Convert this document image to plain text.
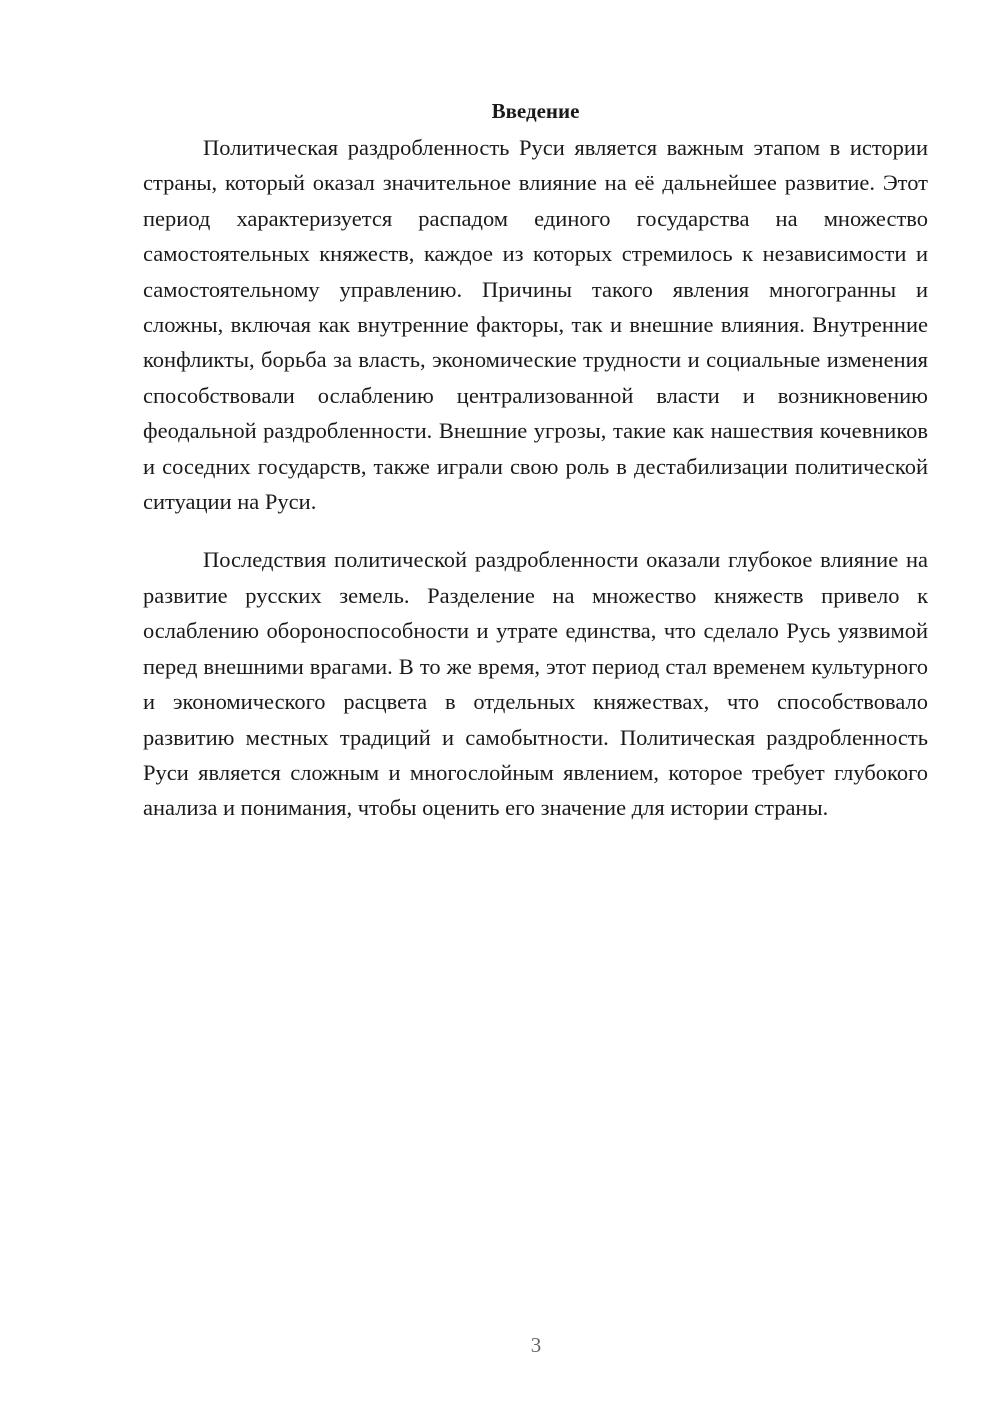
Введение

Политическая раздробленность Руси является важным этапом в истории страны, который оказал значительное влияние на её дальнейшее развитие. Этот период характеризуется распадом единого государства на множество самостоятельных княжеств, каждое из которых стремилось к независимости и самостоятельному управлению. Причины такого явления многогранны и сложны, включая как внутренние факторы, так и внешние влияния. Внутренние конфликты, борьба за власть, экономические трудности и социальные изменения способствовали ослаблению централизованной власти и возникновению феодальной раздробленности. Внешние угрозы, такие как нашествия кочевников и соседних государств, также играли свою роль в дестабилизации политической ситуации на Руси.

Последствия политической раздробленности оказали глубокое влияние на развитие русских земель. Разделение на множество княжеств привело к ослаблению обороноспособности и утрате единства, что сделало Русь уязвимой перед внешними врагами. В то же время, этот период стал временем культурного и экономического расцвета в отдельных княжествах, что способствовало развитию местных традиций и самобытности. Политическая раздробленность Руси является сложным и многослойным явлением, которое требует глубокого анализа и понимания, чтобы оценить его значение для истории страны.

3
